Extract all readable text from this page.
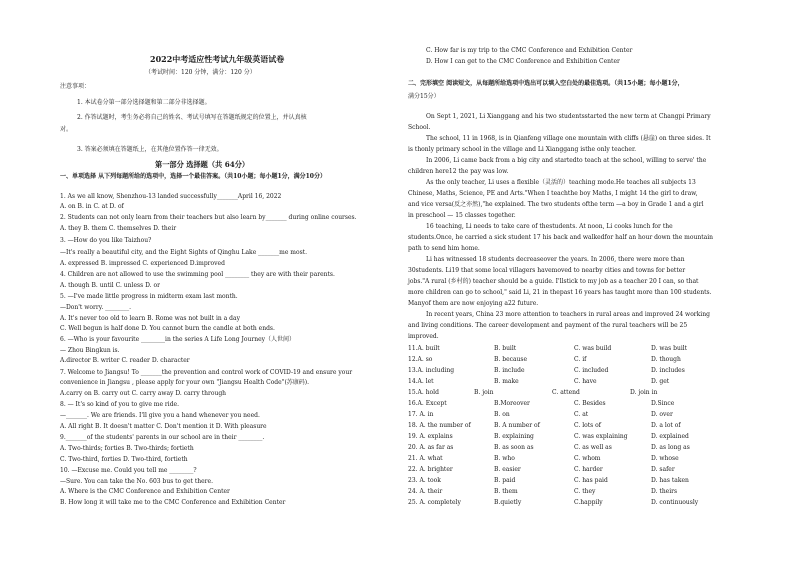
2022中考适应性考试九年级英语试卷
（考试时间：120 分钟，满分：120 分）
注意事项：
1. 本试卷分第一部分选择题和第二部分非选择题。
2. 作答试题时，考生务必将自己的姓名、考试号填写在答题纸规定的位置上，并认真核
对。
3. 答案必须填在答题纸上，在其他位置作答一律无效。
第一部分 选择题（共 64分）
一、单项选择 从下列每题所给的选项中，选择一个最佳答案。（共10小题；每小题1分，满分10分）
1. As we all know, Shenzhou-13 landed successfully_______April 16, 2022
A. on B. in C. at D. of
2. Students can not only learn from their teachers but also learn by_______ during online courses.
A. they B. them C. themselves D. their
3. —How do you like Taizhou?
—It's really a beautiful city, and the Eight Sights of Qinghu Lake _______me most.
A. expressed B. impressed C. experienced D.improved
4. Children are not allowed to use the swimming pool ________ they are with their parents.
A. though B. until C. unless D. or
5. —I've made little progress in midterm exam last month.
—Don't worry. ________.
A. It's never too old to learn B. Rome was not built in a day
C. Well begun is half done D. You cannot burn the candle at both ends.
6. —Who is your favourite ________in the series A Life Long Journey（人世间）
— Zhou Bingkun is.
A.director B. writer C. reader D. character
7. Welcome to Jiangsu! To _______the prevention and control work of COVID-19 and ensure your
convenience in Jiangsu , please apply for your own "Jiangsu Health Code"(苏康码).
A.carry on B. carry out C. carry away D. carry through
8. — It's so kind of you to give me ride.
—_______. We are friends. I'll give you a hand whenever you need.
A. All right B. It doesn't matter C. Don't mention it D. With pleasure
9._______of the students' parents in our school are in their ________.
A. Two-thirds; forties B. Two-thirds; fortieth
C. Two-third, forties D. Two-third, fortieth
10. —Excuse me. Could you tell me ________?
—Sure. You can take the No. 603 bus to get there.
A. Where is the CMC Conference and Exhibition Center
B. How long it will take me to the CMC Conference and Exhibition Center
C. How far is my trip to the CMC Conference and Exhibition Center
D. How I can get to the CMC Conference and Exhibition Center
二、完形填空 阅读短文，从每题所给选项中选出可以填入空白处的最佳选项。（共15小题；每小题1分，
满分15分）
On Sept 1, 2021, Li Xianggang and his two studentsstarted the new term at Changpi Primary
School.
The school, 11 in 1968, is in Qianfeng village one mountain with cliffs (悬崖) on three sides. It
is thonly primary school in the village and Li Xianggang isthe only teacher.
In 2006, Li came back from a big city and startedto teach at the school, willing to serve' the
children here12 the pay was low.
As the only teacher, Li uses a flexible（灵活的）teaching mode.He teaches all subjects 13
Chinese, Maths, Science, PE and Arts."When I teachthe boy Maths, I might 14 the girl to draw,
and vice versa(反之亦然),"he explained. The two students ofthe term —a boy in Grade 1 and a girl
in preschool — 15 classes together.
16 teaching, Li needs to take care of thestudents. At noon, Li cooks lunch for the
students.Once, he carried a sick student 17 his back and walkedfor half an hour down the mountain
path to send him home.
Li has witnessed 18 students decreaseover the years. In 2006, there were more than
30students. Li19 that some local villagers havemoved to nearby cities and towns for better
jobs."A rural (乡村的) teacher should be a guide. I'llstick to my job as a teacher 20 I can, so that
more children can go to school," said Li, 21 in thepast 16 years has taught more than 100 students.
Manyof them are now enjoying a22 future.
In recent years, China 23 more attention to teachers in rural areas and improved 24 working
and living conditions. The career development and payment of the rural teachers will be 25
improved.
11.A. built	B. built	C. was build	D. was built
12.A. so	B. because	C. if	D. though
13.A. including	B. include	C. included	D. includes
14.A. let	B. make	C. have	D. get
15.A. hold	B. join	C. attend	D. join in
16.A. Except	B.Moreover	C. Besides	D.Since
17. A. in	B. on	C. at	D. over
18. A. the number of	B. A number of	C. lots of	D. a lot of
19. A. explains	B. explaining	C. was explaining	D. explained
20. A. as far as	B. as soon as	C. as well as	D. as long as
21. A. what	B. who	C. whom	D. whose
22. A. brighter	B. easier	C. harder	D. safer
23. A. took	B. paid	C. has paid	D. has taken
24. A. their	B. them	C. they	D. theirs
25. A. completely	B.quietly	C.happily	D. continuously
